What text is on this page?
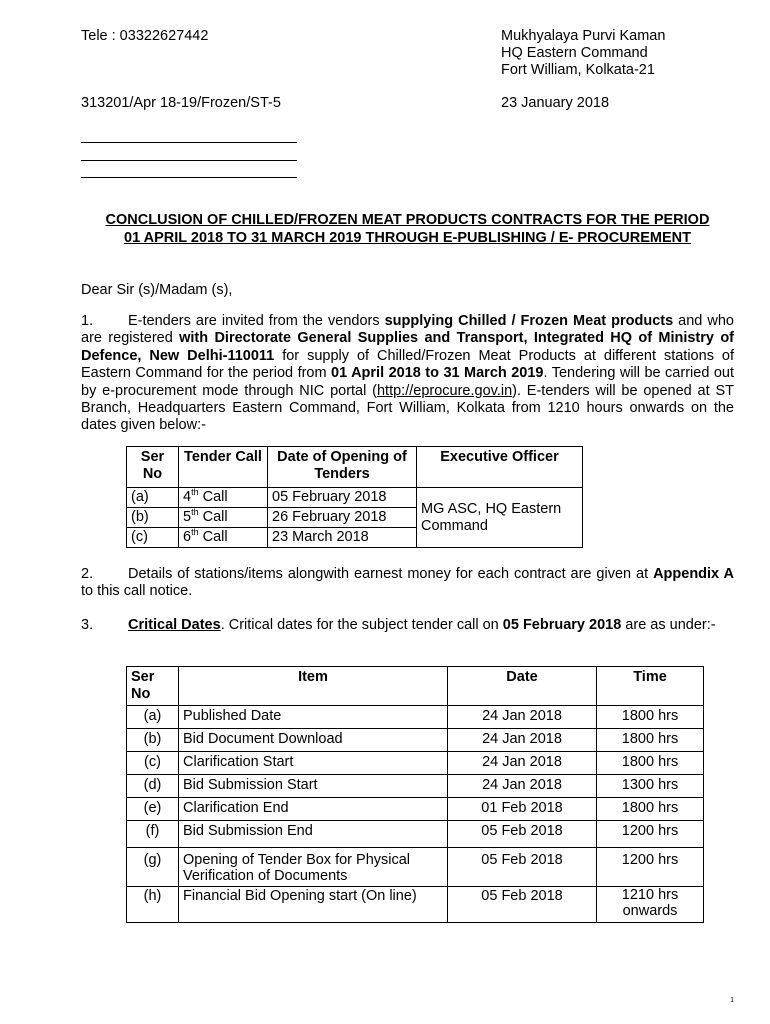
Tele : 03322627442
313201/Apr 18-19/Frozen/ST-5
Mukhyalaya Purvi Kaman
HQ Eastern Command
Fort William, Kolkata-21
23 January 2018
CONCLUSION OF CHILLED/FROZEN MEAT PRODUCTS CONTRACTS FOR THE PERIOD
01 APRIL 2018 TO 31 MARCH 2019 THROUGH E-PUBLISHING / E- PROCUREMENT
Dear Sir (s)/Madam (s),
1. E-tenders are invited from the vendors supplying Chilled / Frozen Meat products and who are registered with Directorate General Supplies and Transport, Integrated HQ of Ministry of Defence, New Delhi-110011 for supply of Chilled/Frozen Meat Products at different stations of Eastern Command for the period from 01 April 2018 to 31 March 2019. Tendering will be carried out by e-procurement mode through NIC portal (http://eprocure.gov.in). E-tenders will be opened at ST Branch, Headquarters Eastern Command, Fort William, Kolkata from 1210 hours onwards on the dates given below:-
Ser No	Tender Call	Date of Opening of Tenders	Executive Officer
(a)	4th Call	05 February 2018	MG ASC, HQ Eastern Command
(b)	5th Call	26 February 2018	
(c)	6th Call	23 March 2018	
2. Details of stations/items alongwith earnest money for each contract are given at Appendix A to this call notice.
3. Critical Dates. Critical dates for the subject tender call on 05 February 2018 are as under:-
Ser No	Item	Date	Time
(a)	Published Date	24 Jan 2018	1800 hrs
(b)	Bid Document Download	24 Jan 2018	1800 hrs
(c)	Clarification Start	24 Jan 2018	1800 hrs
(d)	Bid Submission Start	24 Jan 2018	1300 hrs
(e)	Clarification End	01 Feb 2018	1800 hrs
(f)	Bid Submission End	05 Feb 2018	1200 hrs
(g)	Opening of Tender Box for Physical Verification of Documents	05 Feb 2018	1200 hrs
(h)	Financial Bid Opening start (On line)	05 Feb 2018	1210 hrs onwards
1
